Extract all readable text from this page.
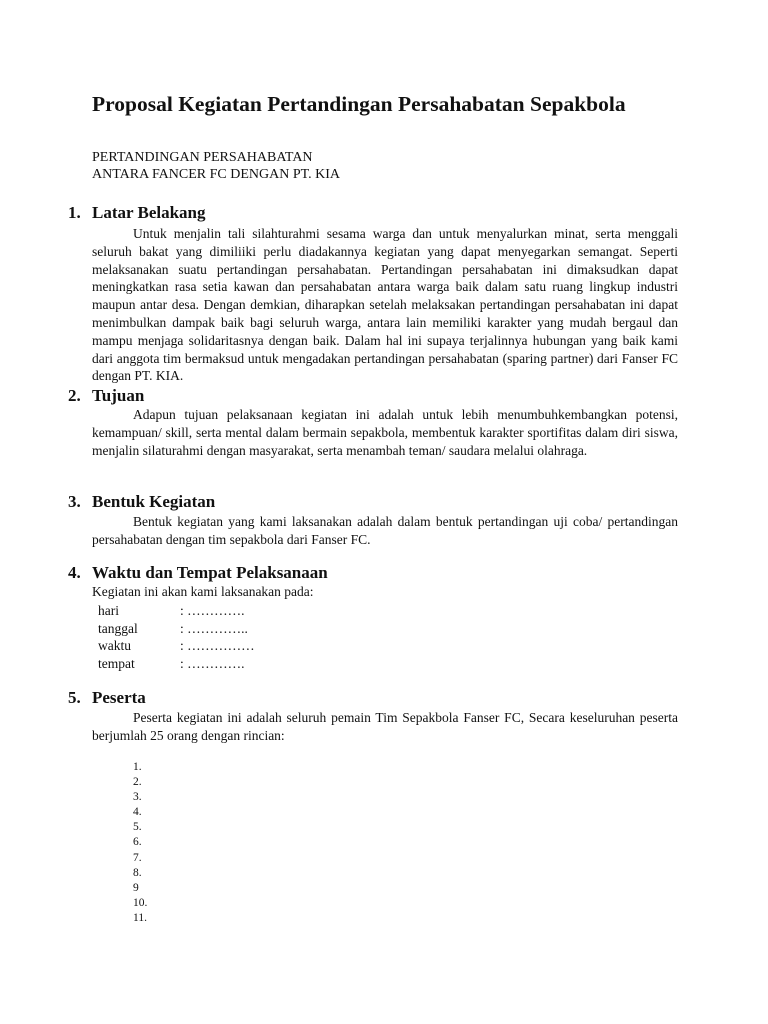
Proposal Kegiatan Pertandingan Persahabatan Sepakbola
PERTANDINGAN PERSAHABATAN
ANTARA FANCER FC DENGAN PT. KIA
1. Latar Belakang

Untuk menjalin tali silahturahmi sesama warga dan untuk menyalurkan minat, serta menggali seluruh bakat yang dimiliiki perlu diadakannya kegiatan yang dapat menyegarkan semangat. Seperti melaksanakan suatu pertandingan persahabatan. Pertandingan persahabatan ini dimaksudkan dapat meningkatkan rasa setia kawan dan persahabatan antara warga baik dalam satu ruang lingkup industri maupun antar desa. Dengan demkian, diharapkan setelah melaksakan pertandingan persahabatan ini dapat menimbulkan dampak baik bagi seluruh warga, antara lain memiliki karakter yang mudah bergaul dan mampu menjaga solidaritasnya dengan baik. Dalam hal ini supaya terjalinnya hubungan yang baik kami dari anggota tim bermaksud untuk mengadakan pertandingan persahabatan (sparing partner) dari Fanser FC dengan PT. KIA.

2. Tujuan

Adapun tujuan pelaksanaan kegiatan ini adalah untuk lebih menumbuhkembangkan potensi, kemampuan/ skill, serta mental dalam bermain sepakbola, membentuk karakter sportifitas dalam diri siswa, menjalin silaturahmi dengan masyarakat, serta menambah teman/ saudara melalui olahraga.

3. Bentuk Kegiatan

Bentuk kegiatan yang kami laksanakan adalah dalam bentuk pertandingan uji coba/ pertandingan persahabatan dengan tim sepakbola dari Fanser FC.

4. Waktu dan Tempat Pelaksanaan
Kegiatan ini akan kami laksanakan pada:
hari	: ………….
tanggal	: …………..
waktu	: ……………
tempat	: ………….
5. Peserta

Peserta kegiatan ini adalah seluruh pemain Tim Sepakbola Fanser FC, Secara keseluruhan peserta berjumlah 25 orang dengan rincian:

1.
2.
3.
4.
5.
6.
7.
8.
9
10.
11.
